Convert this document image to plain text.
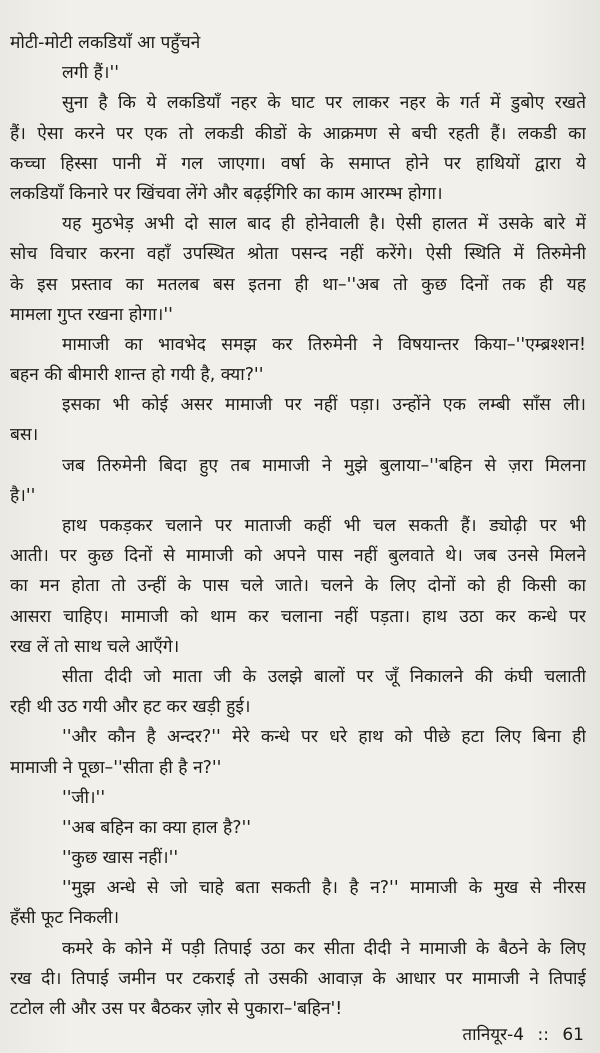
मोटी-मोटी लकडियाँ आ पहुँचने
लगी हैं।''
सुना है कि ये लकडियाँ नहर के घाट पर लाकर नहर के गर्त में डुबोए रखते
हैं। ऐसा करने पर एक तो लकडी कीडों के आक्रमण से बची रहती हैं। लकडी का
कच्चा हिस्सा पानी में गल जाएगा। वर्षा के समाप्त होने पर हाथियों द्वारा ये
लकडियाँ किनारे पर खिंचवा लेंगे और बढ़ईगिरि का काम आरम्भ होगा।
यह मुठभेड़ अभी दो साल बाद ही होनेवाली है। ऐसी हालत में उसके बारे में
सोच विचार करना वहाँ उपस्थित श्रोता पसन्द नहीं करेंगे। ऐसी स्थिति में तिरुमेनी
के इस प्रस्ताव का मतलब बस इतना ही था–''अब तो कुछ दिनों तक ही यह
मामला गुप्त रखना होगा।''
मामाजी का भावभेद समझ कर तिरुमेनी ने विषयान्तर किया–''एम्ब्रश्शन!
बहन की बीमारी शान्त हो गयी है, क्या?''
इसका भी कोई असर मामाजी पर नहीं पड़ा। उन्होंने एक लम्बी साँस ली।
बस।
जब तिरुमेनी बिदा हुए तब मामाजी ने मुझे बुलाया–''बहिन से ज़रा मिलना
है।''
हाथ पकड़कर चलाने पर माताजी कहीं भी चल सकती हैं। ड्योढ़ी पर भी
आती। पर कुछ दिनों से मामाजी को अपने पास नहीं बुलवाते थे। जब उनसे मिलने
का मन होता तो उन्हीं के पास चले जाते। चलने के लिए दोनों को ही किसी का
आसरा चाहिए। मामाजी को थाम कर चलाना नहीं पड़ता। हाथ उठा कर कन्धे पर
रख लें तो साथ चले आएँगे।
सीता दीदी जो माता जी के उलझे बालों पर जूँ निकालने की कंघी चलाती
रही थी उठ गयी और हट कर खड़ी हुई।
''और कौन है अन्दर?'' मेरे कन्धे पर धरे हाथ को पीछे हटा लिए बिना ही
मामाजी ने पूछा–''सीता ही है न?''
''जी।''
''अब बहिन का क्या हाल है?''
''कुछ खास नहीं।''
''मुझ अन्धे से जो चाहे बता सकती है। है न?'' मामाजी के मुख से नीरस
हँसी फूट निकली।
कमरे के कोने में पड़ी तिपाई उठा कर सीता दीदी ने मामाजी के बैठने के लिए
रख दी। तिपाई जमीन पर टकराई तो उसकी आवाज़ के आधार पर मामाजी ने तिपाई
टटोल ली और उस पर बैठकर ज़ोर से पुकारा–'बहिन'!
तानियूर-4 :: 61
